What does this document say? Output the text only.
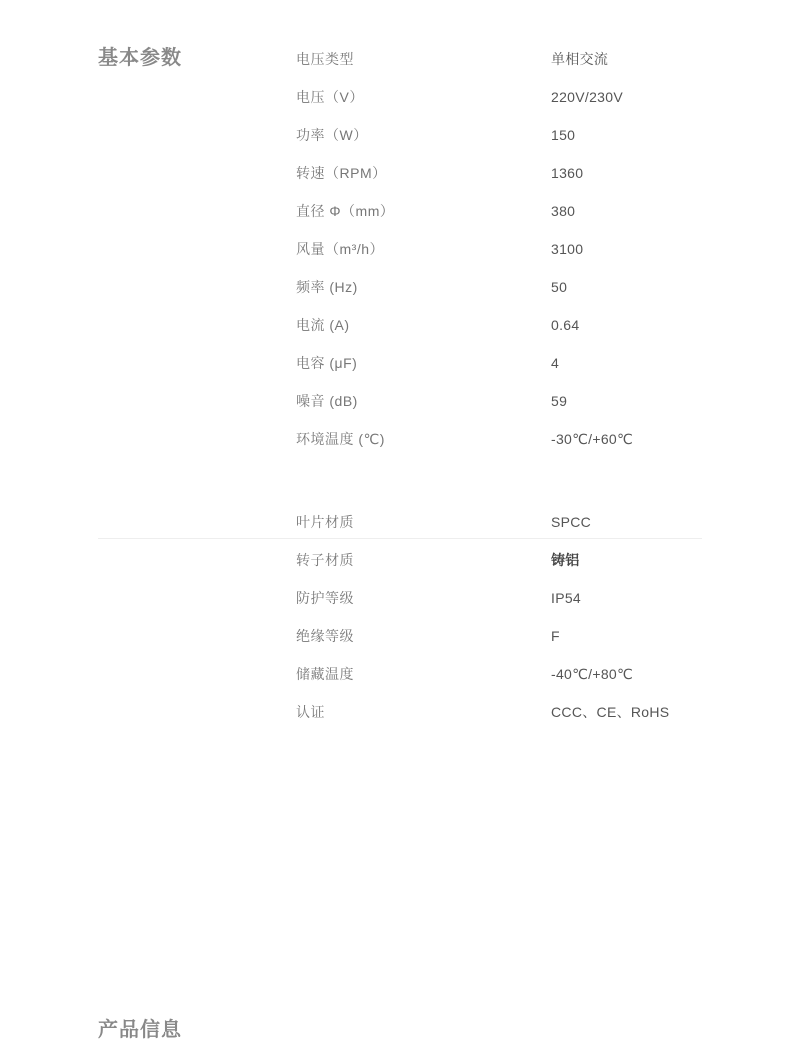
基本参数	电压类型	单相交流
电压（V）	220V/230V
功率（W）	150
转速（RPM）	1360
直径 Φ（mm）	380
风量（m³/h）	3100
频率 (Hz)	50
电流 (A)	0.64
电容 (μF)	4
噪音 (dB)	59
环境温度 (℃)	-30℃/+60℃
产品信息
叶片材质	SPCC
转子材质	铸铝
防护等级	IP54
绝缘等级	F
储藏温度	-40℃/+80℃
认证	CCC、CE、RoHS
